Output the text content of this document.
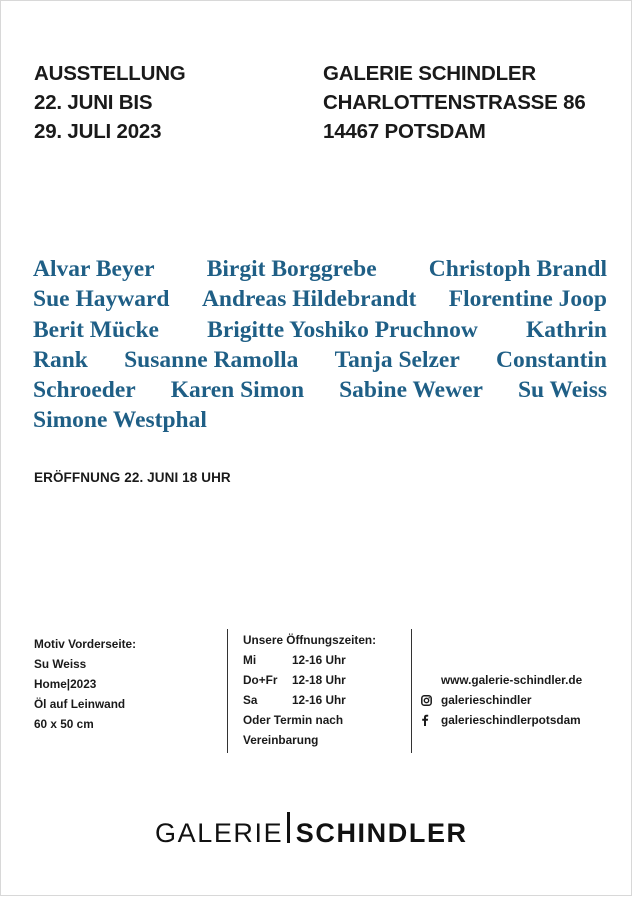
AUSSTELLUNG
22. JUNI BIS
29. JULI 2023
GALERIE SCHINDLER
CHARLOTTENSTRASSE 86
14467 POTSDAM
Alvar Beyer Birgit Borggrebe Christoph Brandl
Sue Hayward Andreas Hildebrandt Florentine Joop
Berit Mücke Brigitte Yoshiko Pruchnow Kathrin
Rank Susanne Ramolla Tanja Selzer Constantin
Schroeder Karen Simon Sabine Wewer Su Weiss
Simone Westphal
ERÖFFNUNG 22. JUNI 18 UHR
Motiv Vorderseite:
Su Weiss
Home|2023
Öl auf Leinwand
60 x 50 cm
Unsere Öffnungszeiten:
Mi	12-16 Uhr
Do+Fr	12-18 Uhr
Sa	12-16 Uhr
Oder Termin nach
Vereinbarung
www.galerie-schindler.de
galerieschindler
galerieschindlerpotsdam
GALERIE SCHINDLER
